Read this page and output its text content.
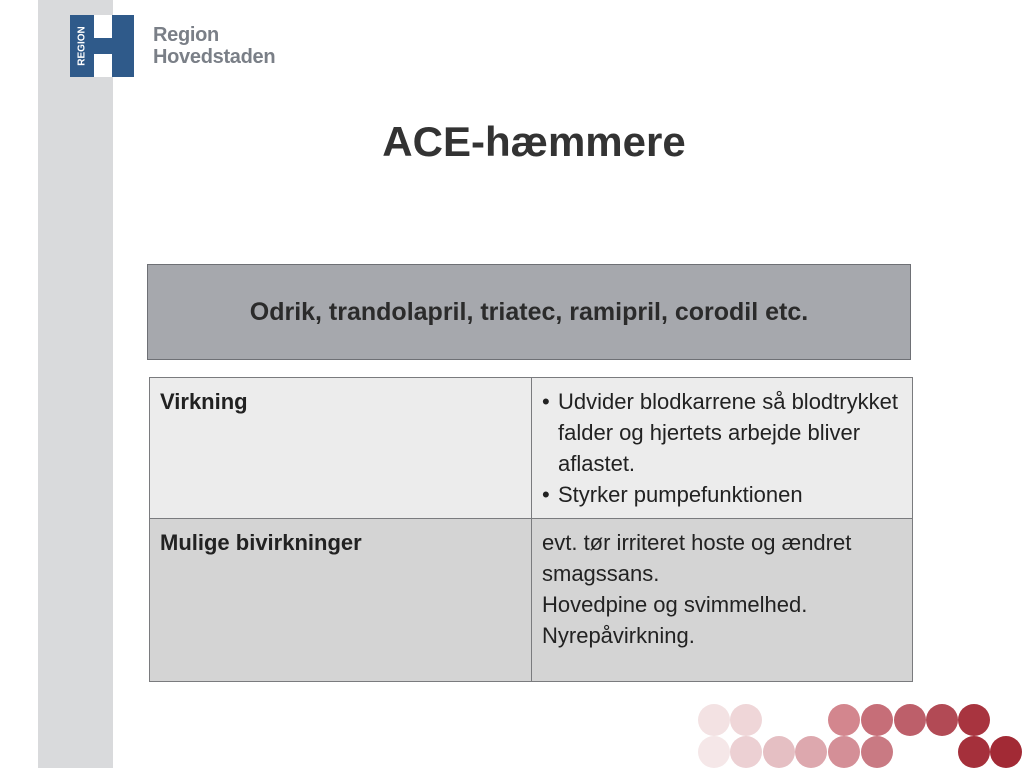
REGION	Region
Hovedstaden
ACE-hæmmere
Odrik, trandolapril, triatec, ramipril, corodil etc.
Virkning	• Udvider blodkarrene så blodtrykket falder og hjertets arbejde bliver aflastet.
• Styrker pumpefunktionen

Mulige bivirkninger	evt. tør irriteret hoste og ændret smagssans.
Hovedpine og svimmelhed.
Nyrepåvirkning.
